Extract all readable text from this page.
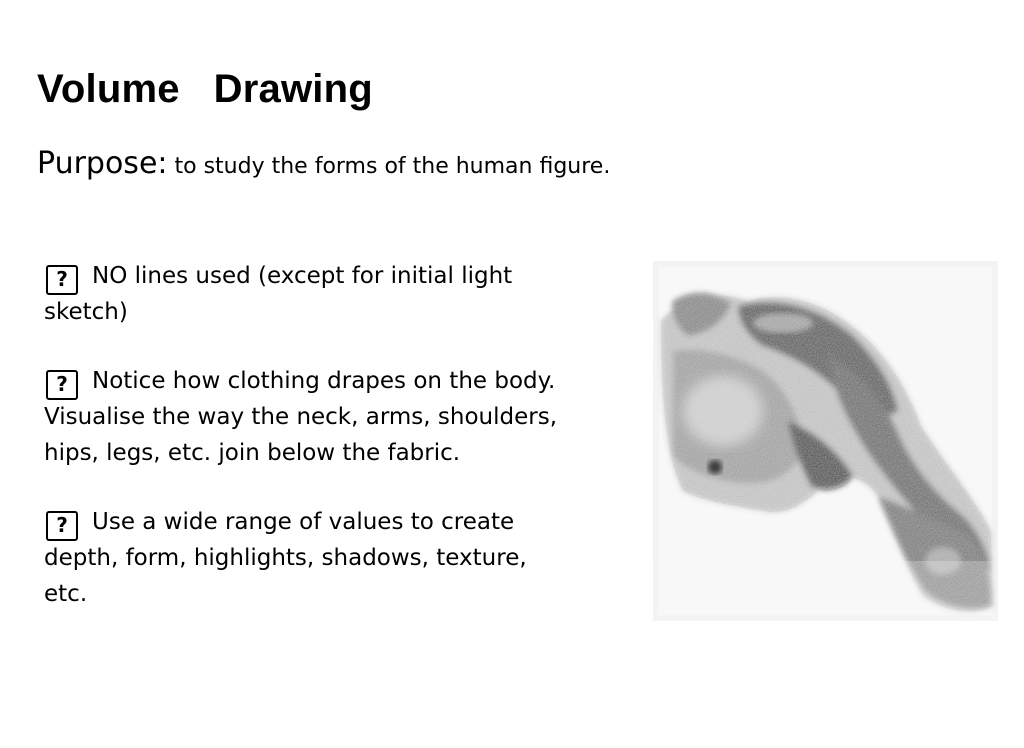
Volume   Drawing

Purpose: to study the forms of the human figure.

? NO lines used (except for initial light sketch)
? Notice how clothing drapes on the body. Visualise the way the neck, arms, shoulders, hips, legs, etc. join below the fabric.
? Use a wide range of values to create depth, form, highlights, shadows, texture, etc.
